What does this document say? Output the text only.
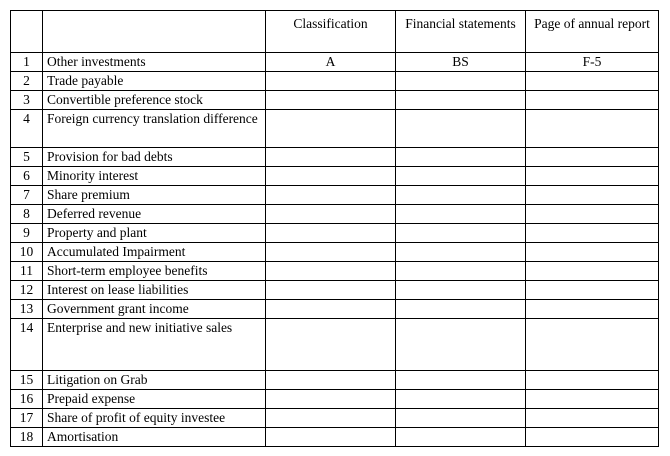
		Classification	Financial statements	Page of annual report
1	Other investments	A	BS	F-5
2	Trade payable			
3	Convertible preference stock			
4	Foreign currency translation difference			
5	Provision for bad debts			
6	Minority interest			
7	Share premium			
8	Deferred revenue			
9	Property and plant			
10	Accumulated Impairment			
11	Short-term employee benefits			
12	Interest on lease liabilities			
13	Government grant income			
14	Enterprise and new initiative sales			
15	Litigation on Grab			
16	Prepaid expense			
17	Share of profit of equity investee			
18	Amortisation			
